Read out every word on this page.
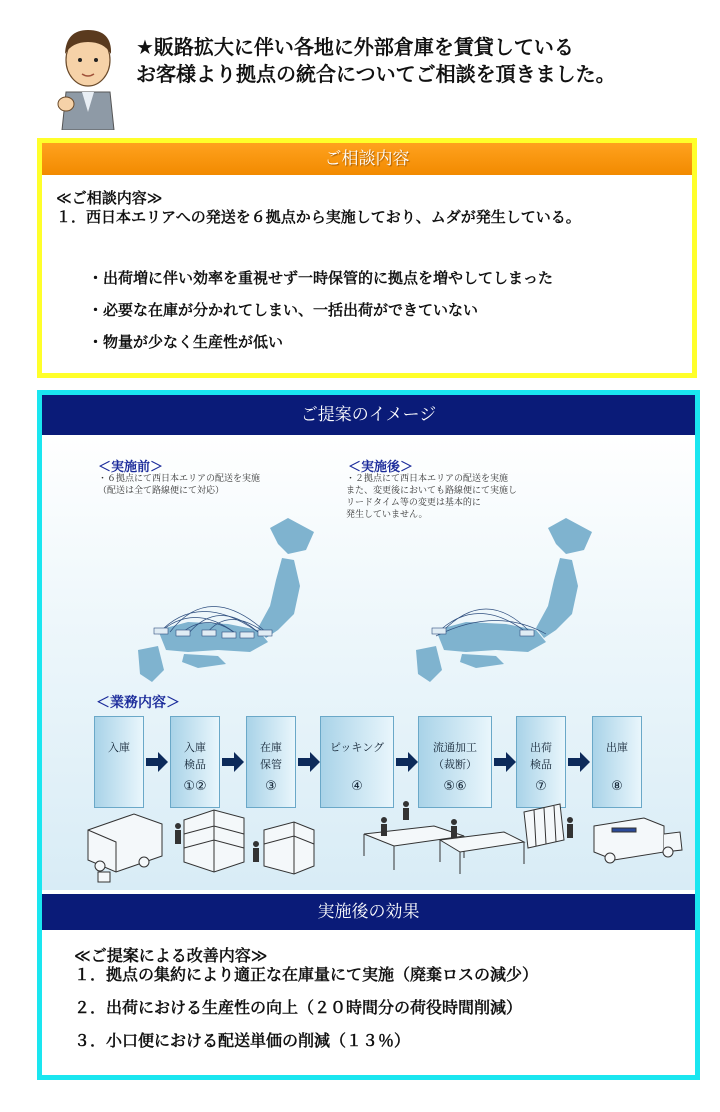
★販路拡大に伴い各地に外部倉庫を賃貸している
お客様より拠点の統合についてご相談を頂きました。
ご相談内容
≪ご相談内容≫
１．西日本エリアへの発送を６拠点から実施しており、ムダが発生している。
・出荷増に伴い効率を重視せず一時保管的に拠点を増やしてしまった
・必要な在庫が分かれてしまい、一括出荷ができていない
・物量が少なく生産性が低い
ご提案のイメージ
＜実施前＞
・６拠点にて西日本エリアの配送を実施
（配送は全て路線便にて対応）
＜実施後＞
・２拠点にて西日本エリアの配送を実施
また、変更後においても路線便にて実施し
リードタイム等の変更は基本的に
発生していません。
＜業務内容＞
入庫	入庫
検品
①②
在庫
保管
③
ピッキング
④
流通加工
（裁断）
⑤⑥
出荷
検品
⑦
出庫
⑧
実施後の効果
≪ご提案による改善内容≫
１．拠点の集約により適正な在庫量にて実施（廃棄ロスの減少）
２．出荷における生産性の向上（２０時間分の荷役時間削減）
３．小口便における配送単価の削減（１３％）
